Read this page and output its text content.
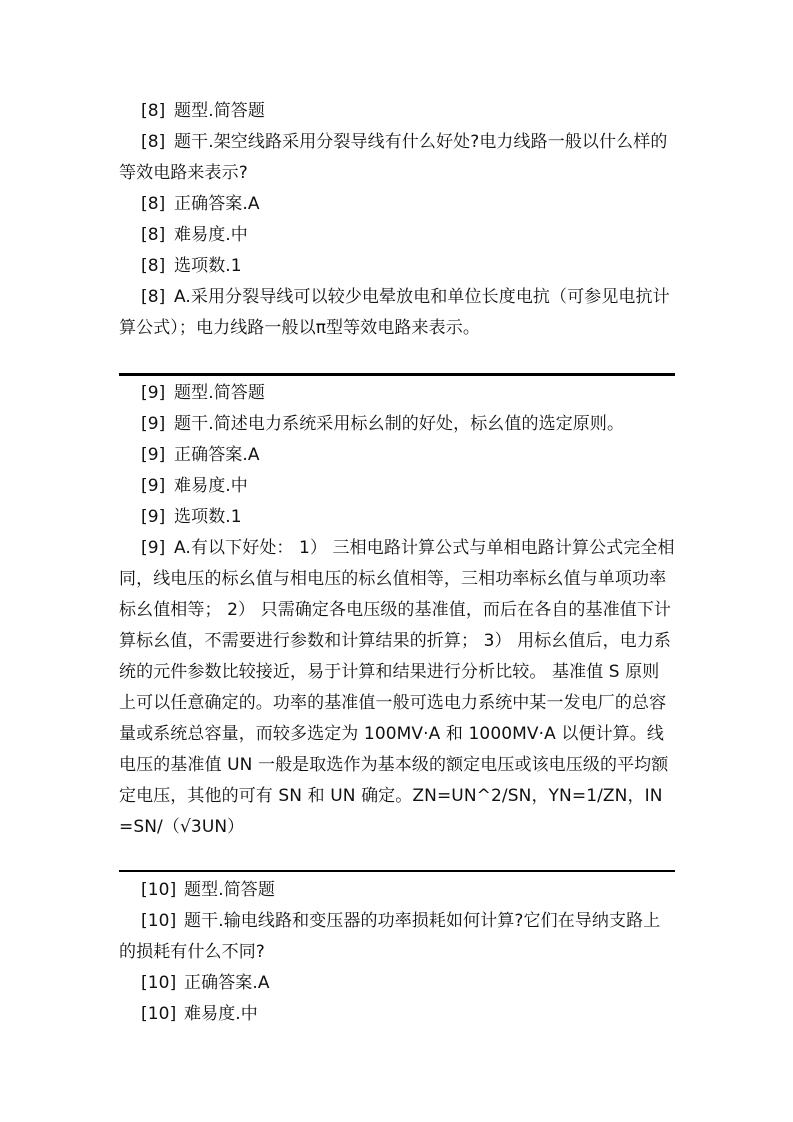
[8] 题型.简答题

[8] 题干.架空线路采用分裂导线有什么好处?电力线路一般以什么样的等效电路来表示?

[8] 正确答案.A

[8] 难易度.中

[8] 选项数.1

[8] A.采用分裂导线可以较少电晕放电和单位长度电抗（可参见电抗计算公式）；电力线路一般以π型等效电路来表示。

[9] 题型.简答题

[9] 题干.简述电力系统采用标幺制的好处，标幺值的选定原则。

[9] 正确答案.A

[9] 难易度.中

[9] 选项数.1

[9] A.有以下好处： 1） 三相电路计算公式与单相电路计算公式完全相同，线电压的标幺值与相电压的标幺值相等，三相功率标幺值与单项功率标幺值相等； 2） 只需确定各电压级的基准值，而后在各自的基准值下计算标幺值，不需要进行参数和计算结果的折算； 3） 用标幺值后，电力系统的元件参数比较接近，易于计算和结果进行分析比较。 基准值 S 原则上可以任意确定的。功率的基准值一般可选电力系统中某一发电厂的总容量或系统总容量，而较多选定为 100MV·A 和 1000MV·A 以便计算。线电压的基准值 UN 一般是取选作为基本级的额定电压或该电压级的平均额定电压，其他的可有 SN 和 UN 确定。ZN=UN^2/SN，YN=1/ZN，IN=SN/（√3UN）

[10] 题型.简答题

[10] 题干.输电线路和变压器的功率损耗如何计算?它们在导纳支路上的损耗有什么不同?

[10] 正确答案.A

[10] 难易度.中
